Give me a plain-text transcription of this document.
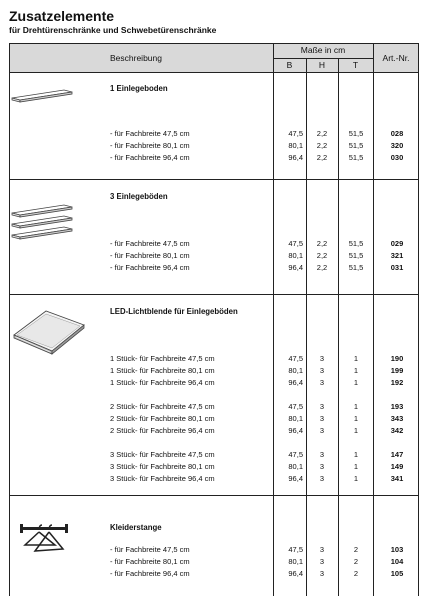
Zusatzelemente
für Drehtürenschränke und Schwebetürenschränke
Beschreibung
Maße in cm
B	H	T
Art.-Nr.
1 Einlegeboden
- für Fachbreite 47,5 cm	47,5	2,2	51,5	028
- für Fachbreite 80,1 cm	80,1	2,2	51,5	320
- für Fachbreite 96,4 cm	96,4	2,2	51,5	030
3 Einlegeböden
- für Fachbreite 47,5 cm	47,5	2,2	51,5	029
- für Fachbreite 80,1 cm	80,1	2,2	51,5	321
- für Fachbreite 96,4 cm	96,4	2,2	51,5	031
LED-Lichtblende für Einlegeböden
1 Stück- für Fachbreite 47,5 cm	47,5	3	1	190
1 Stück- für Fachbreite 80,1 cm	80,1	3	1	199
1 Stück- für Fachbreite 96,4 cm	96,4	3	1	192
2 Stück- für Fachbreite 47,5 cm	47,5	3	1	193
2 Stück- für Fachbreite 80,1 cm	80,1	3	1	343
2 Stück- für Fachbreite 96,4 cm	96,4	3	1	342
3 Stück- für Fachbreite 47,5 cm	47,5	3	1	147
3 Stück- für Fachbreite 80,1 cm	80,1	3	1	149
3 Stück- für Fachbreite 96,4 cm	96,4	3	1	341
Kleiderstange
- für Fachbreite 47,5 cm	47,5	3	2	103
- für Fachbreite 80,1 cm	80,1	3	2	104
- für Fachbreite 96,4 cm	96,4	3	2	105
